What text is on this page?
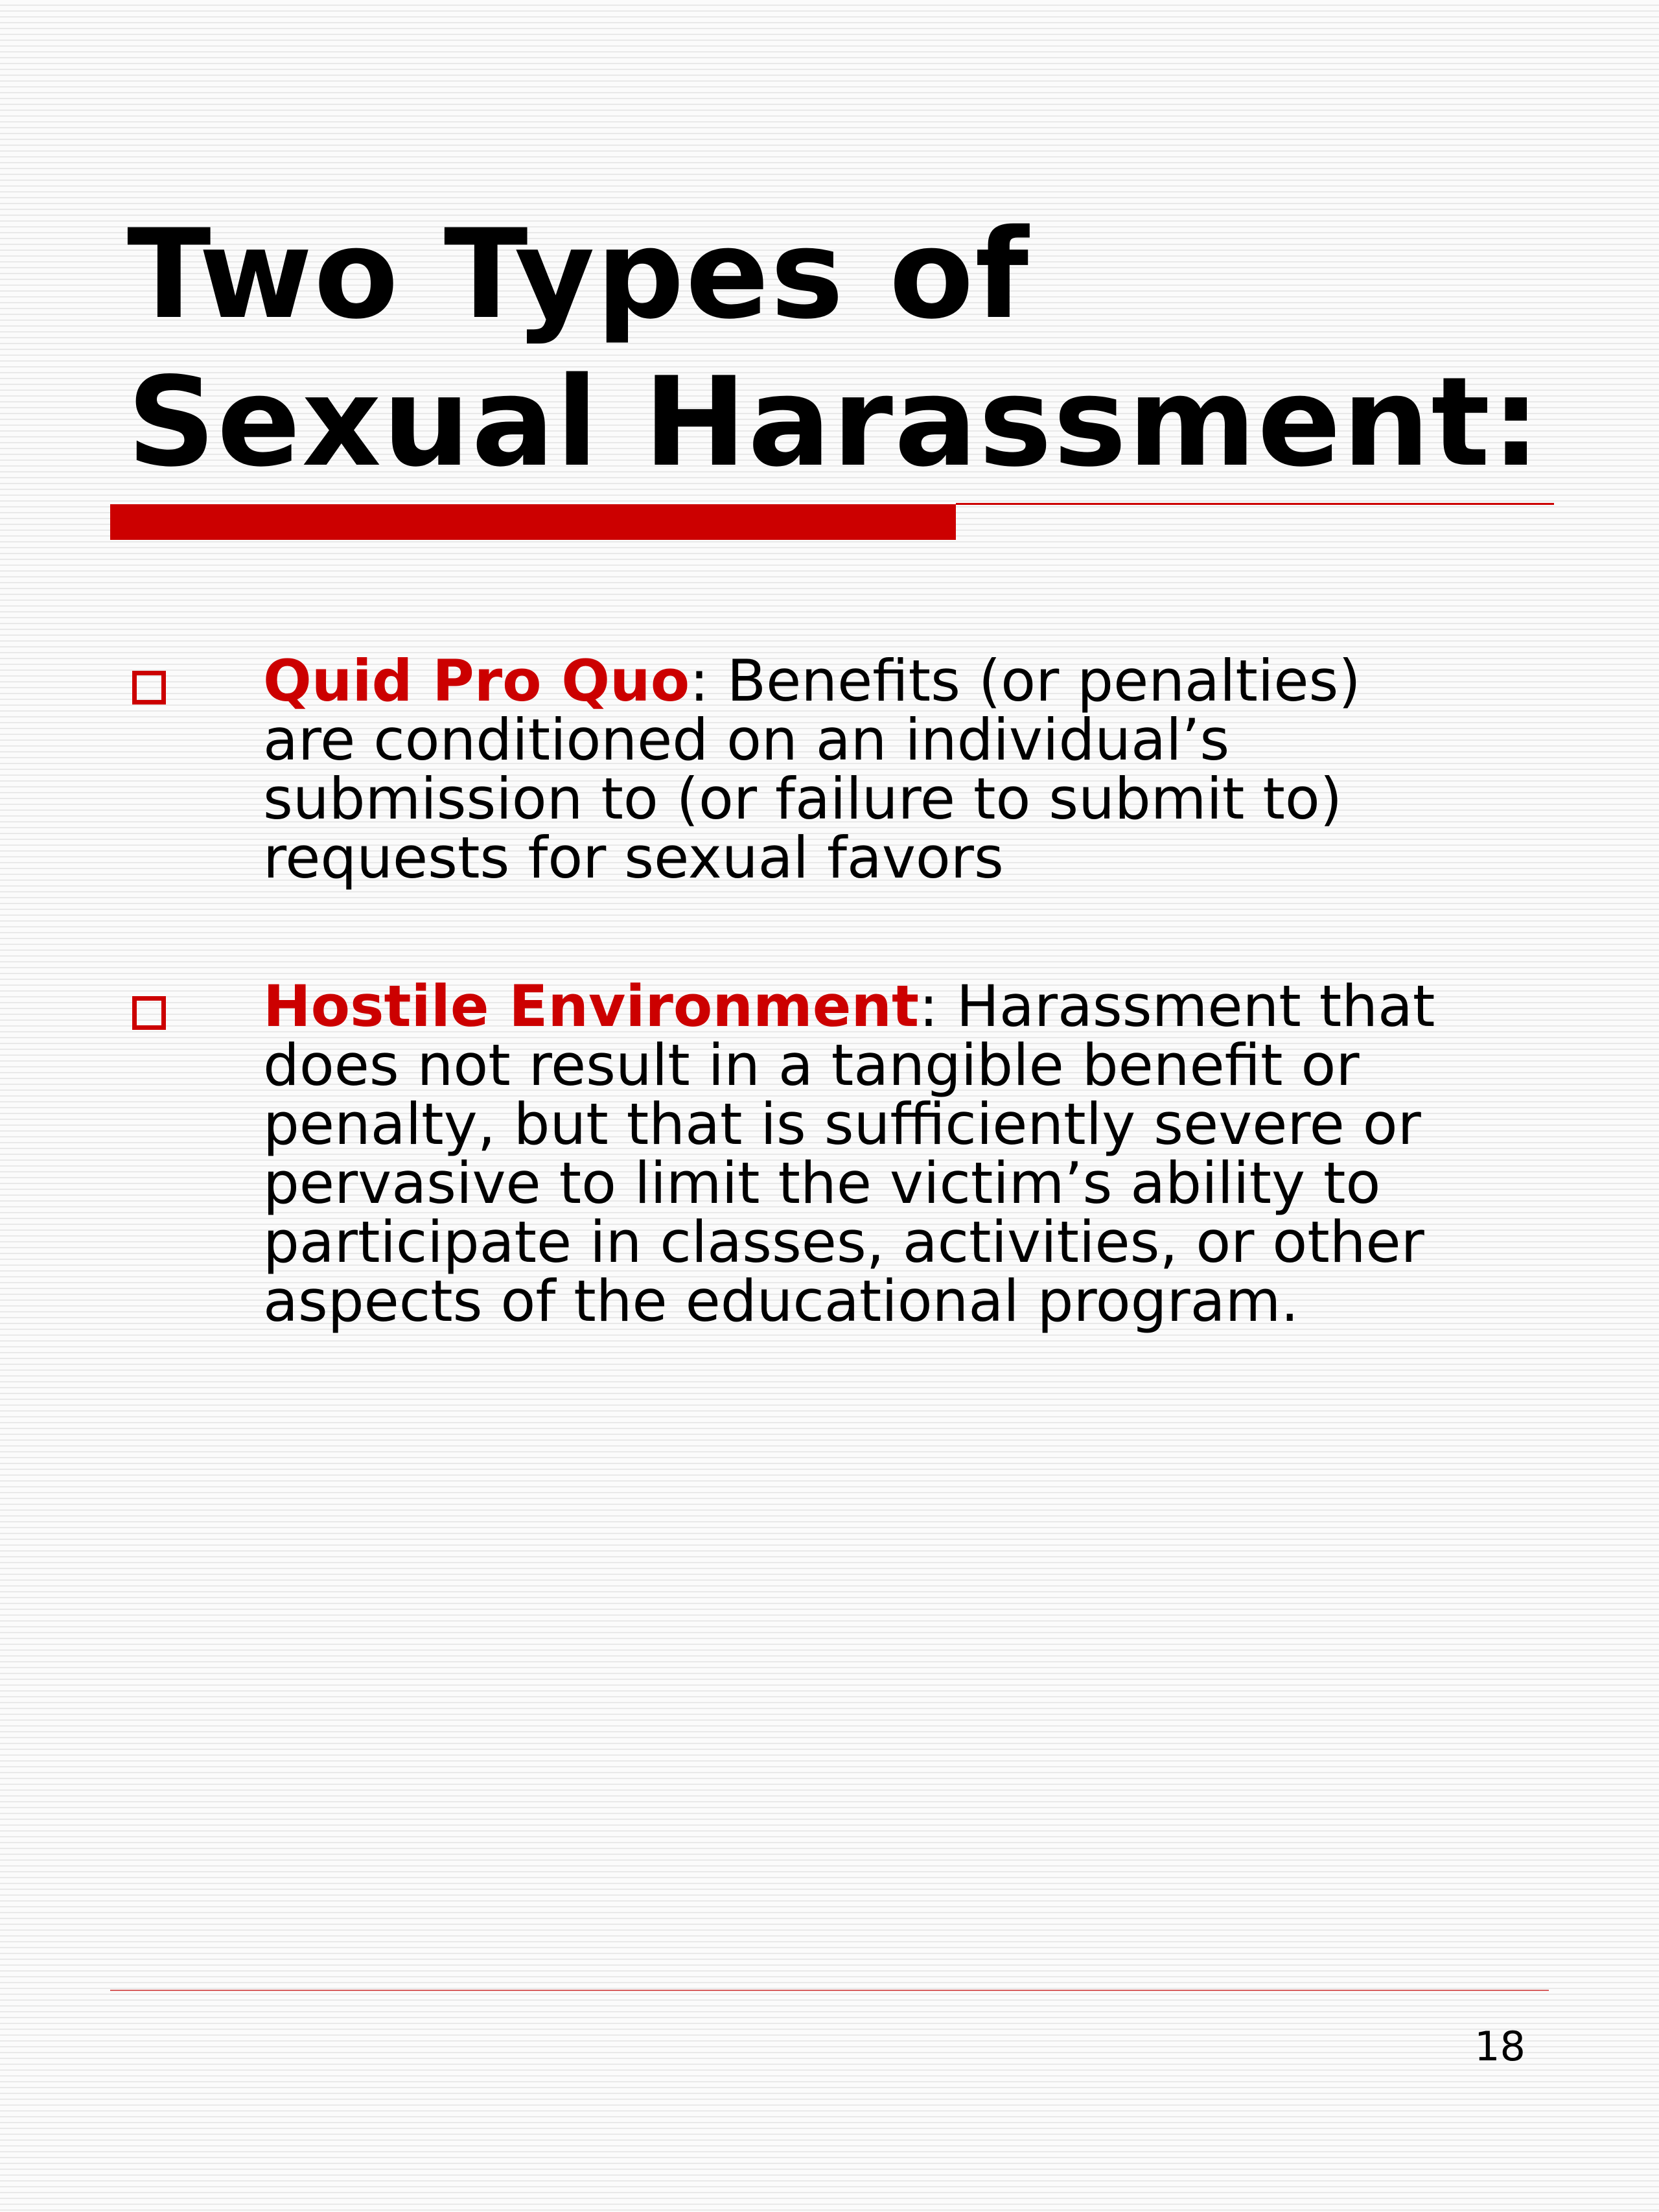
Two Types of
Sexual Harassment:

Quid Pro Quo: Benefits (or penalties)
are conditioned on an individual’s
submission to (or failure to submit to)
requests for sexual favors

Hostile Environment: Harassment that
does not result in a tangible benefit or
penalty, but that is sufficiently severe or
pervasive to limit the victim’s ability to
participate in classes, activities, or other
aspects of the educational program.

18
